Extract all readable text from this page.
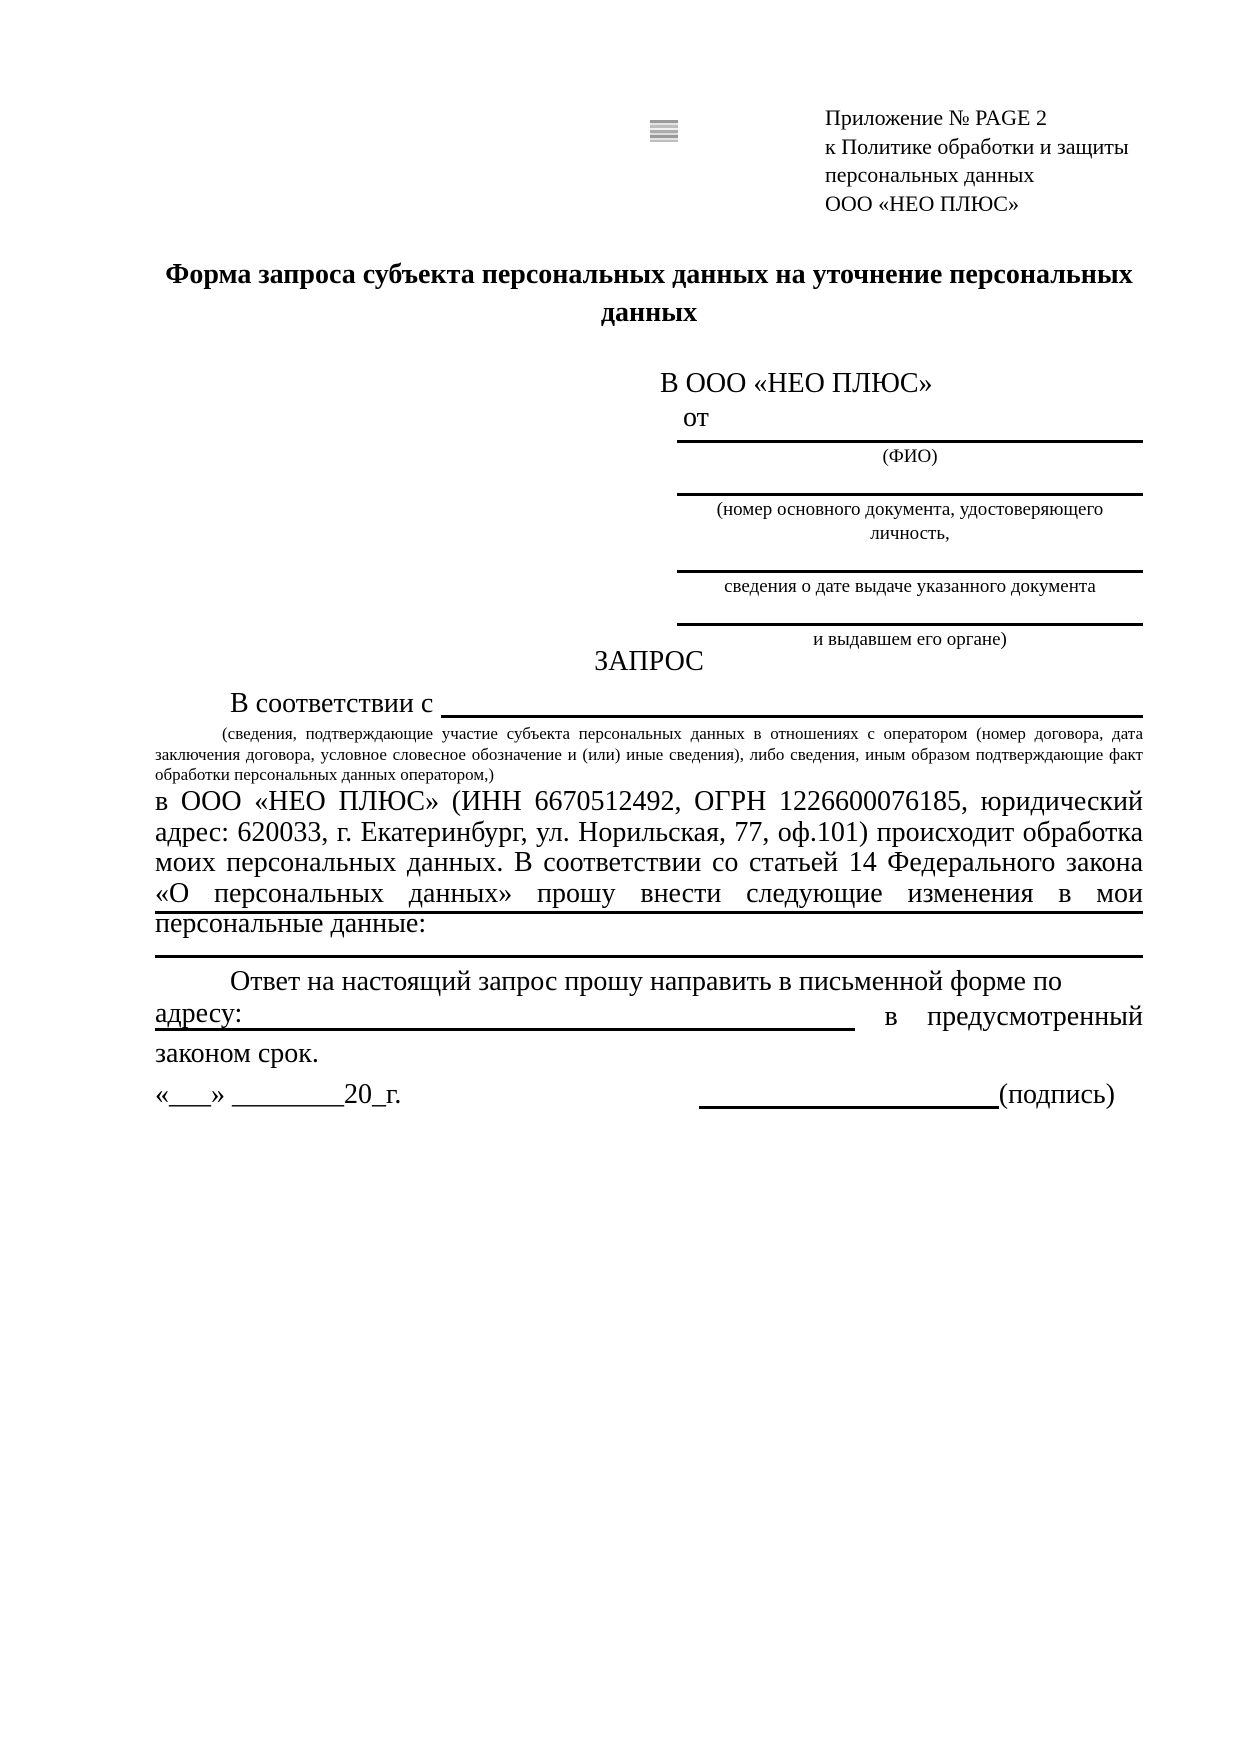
Приложение № PAGE 2
к Политике обработки и защиты
персональных данных
ООО «НЕО ПЛЮС»
Форма запроса субъекта персональных данных на уточнение персональных данных
В ООО «НЕО ПЛЮС»
от
(ФИО)
(номер основного документа, удостоверяющего личность,
сведения о дате выдаче указанного документа
и выдавшем его органе)
ЗАПРОС
В соответствии с
(сведения, подтверждающие участие субъекта персональных данных в отношениях с оператором (номер договора, дата заключения договора, условное словесное обозначение и (или) иные сведения), либо сведения, иным образом подтверждающие факт обработки персональных данных оператором,)
в ООО «НЕО ПЛЮС» (ИНН 6670512492, ОГРН 1226600076185, юридический адрес: 620033, г. Екатеринбург, ул. Норильская, 77, оф.101) происходит обработка моих персональных данных. В соответствии со статьей 14 Федерального закона «О персональных данных» прошу внести следующие изменения в мои персональные данные:
Ответ на настоящий запрос прошу направить в письменной форме по адресу:	в предусмотренный
законом срок.
«___» ________20_г.	(подпись)
